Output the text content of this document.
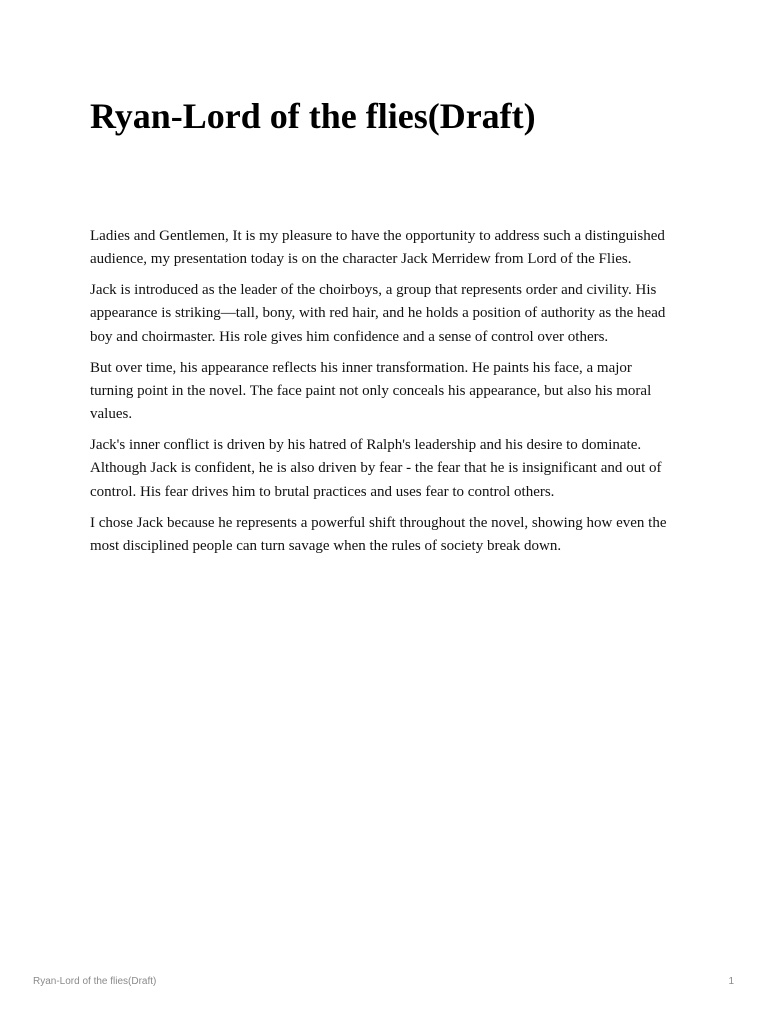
Ryan-Lord of the flies(Draft)

Ladies and Gentlemen, It is my pleasure to have the opportunity to address such a distinguished audience, my presentation today is on the character Jack Merridew from Lord of the Flies.

Jack is introduced as the leader of the choirboys, a group that represents order and civility. His appearance is striking—tall, bony, with red hair, and he holds a position of authority as the head boy and choirmaster. His role gives him confidence and a sense of control over others.

But over time, his appearance reflects his inner transformation. He paints his face, a major turning point in the novel. The face paint not only conceals his appearance, but also his moral values.

Jack's inner conflict is driven by his hatred of Ralph's leadership and his desire to dominate. Although Jack is confident, he is also driven by fear - the fear that he is insignificant and out of control. His fear drives him to brutal practices and uses fear to control others.

I chose Jack because he represents a powerful shift throughout the novel, showing how even the most disciplined people can turn savage when the rules of society break down.

Ryan-Lord of the flies(Draft)	1
